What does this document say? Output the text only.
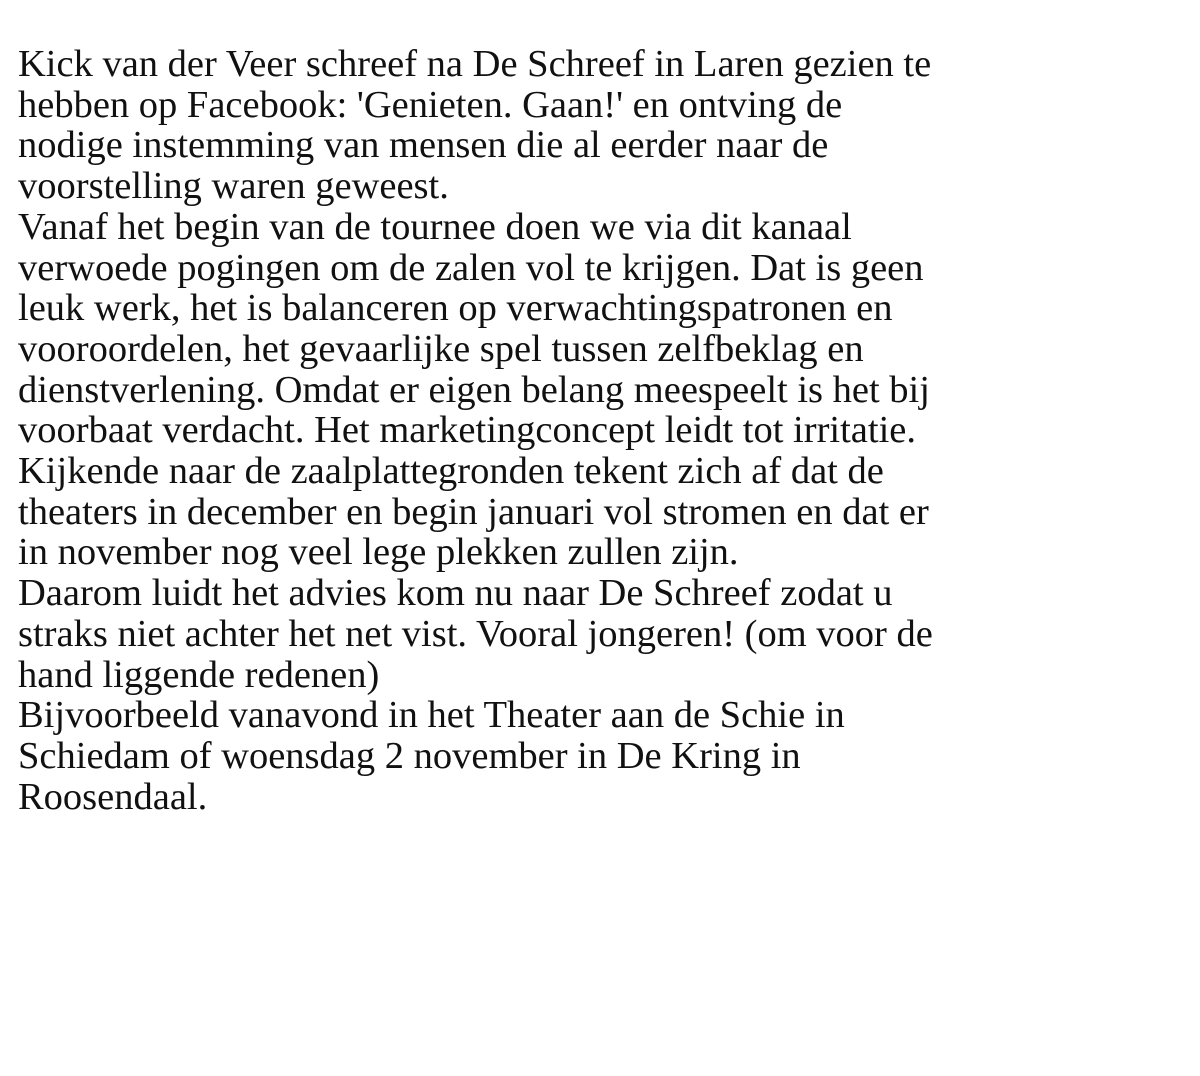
Kick van der Veer schreef na De Schreef in Laren gezien te
hebben op Facebook: 'Genieten. Gaan!' en ontving de
nodige instemming van mensen die al eerder naar de
voorstelling waren geweest.
Vanaf het begin van de tournee doen we via dit kanaal
verwoede pogingen om de zalen vol te krijgen. Dat is geen
leuk werk, het is balanceren op verwachtingspatronen en
vooroordelen, het gevaarlijke spel tussen zelfbeklag en
dienstverlening. Omdat er eigen belang meespeelt is het bij
voorbaat verdacht. Het marketingconcept leidt tot irritatie.
Kijkende naar de zaalplattegronden tekent zich af dat de
theaters in december en begin januari vol stromen en dat er
in november nog veel lege plekken zullen zijn.
Daarom luidt het advies kom nu naar De Schreef zodat u
straks niet achter het net vist. Vooral jongeren! (om voor de
hand liggende redenen)
Bijvoorbeeld vanavond in het Theater aan de Schie in
Schiedam of woensdag 2 november in De Kring in
Roosendaal.
